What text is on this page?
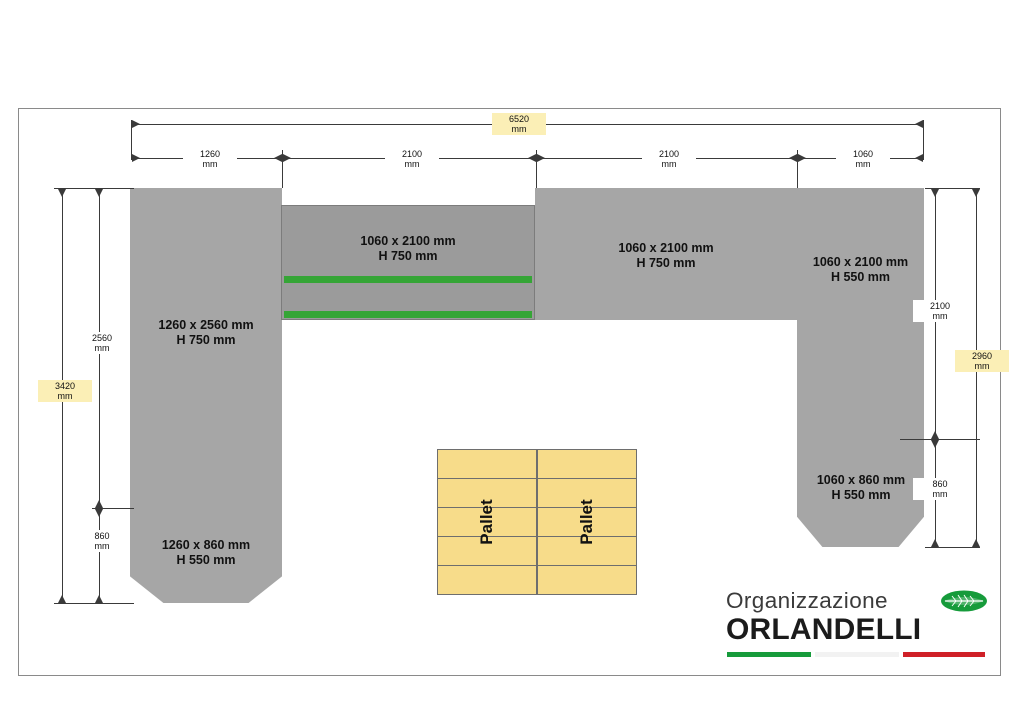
1260 x 2560 mm
H 750 mm
1260 x 860 mm
H 550 mm
1060 x 2100 mm
H 750 mm
1060 x 2100 mm
H 750 mm	1060 x 2100 mm
H 550 mm
1060 x 860 mm
H 550 mm
Pallet	Pallet
6520
mm
1260
mm
2100
mm
2100
mm
1060
mm
3420
mm
2560
mm
860
mm
2100
mm
860
mm
2960
mm
Organizzazione
ORLANDELLI
